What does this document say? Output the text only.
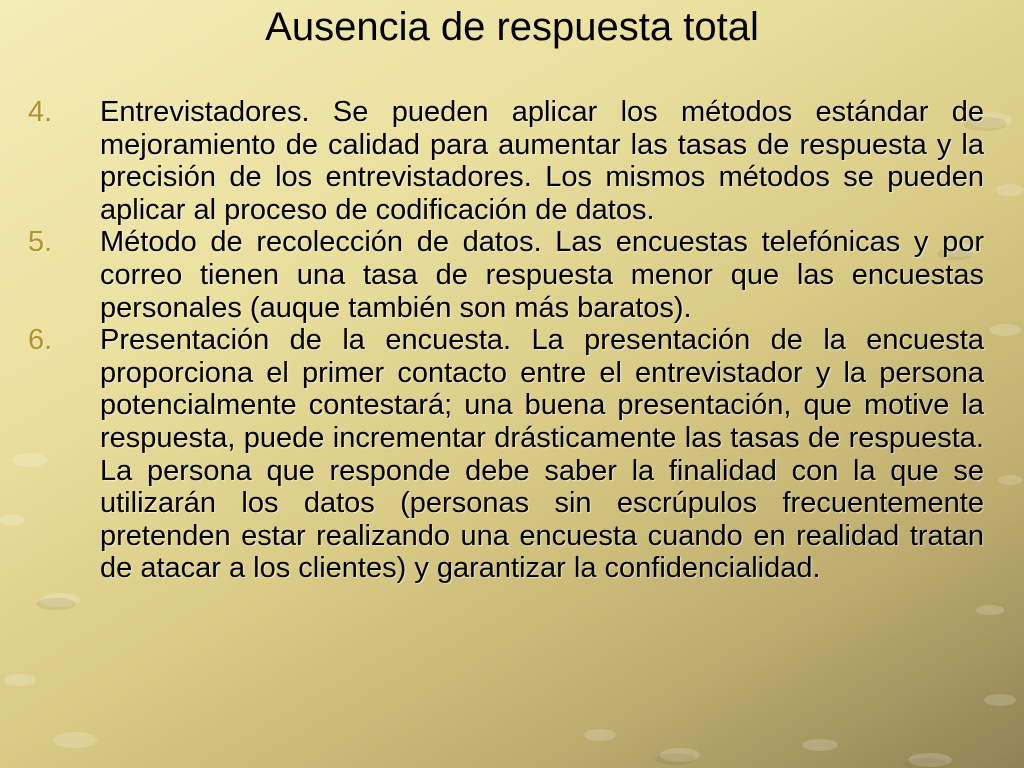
Ausencia de respuesta total
4.	Entrevistadores. Se pueden aplicar los métodos estándar de mejoramiento de calidad para aumentar las tasas de respuesta y la precisión de los entrevistadores. Los mismos métodos se pueden aplicar al proceso de codificación de datos.
5.	Método de recolección de datos. Las encuestas telefónicas y por correo tienen una tasa de respuesta menor que las encuestas personales (auque también son más baratos).
6.	Presentación de la encuesta. La presentación de la encuesta proporciona el primer contacto entre el entrevistador y la persona potencialmente contestará; una buena presentación, que motive la respuesta, puede incrementar drásticamente las tasas de respuesta. La persona que responde debe saber la finalidad con la que se utilizarán los datos (personas sin escrúpulos frecuentemente pretenden estar realizando una encuesta cuando en realidad tratan de atacar a los clientes) y garantizar la confidencialidad.
